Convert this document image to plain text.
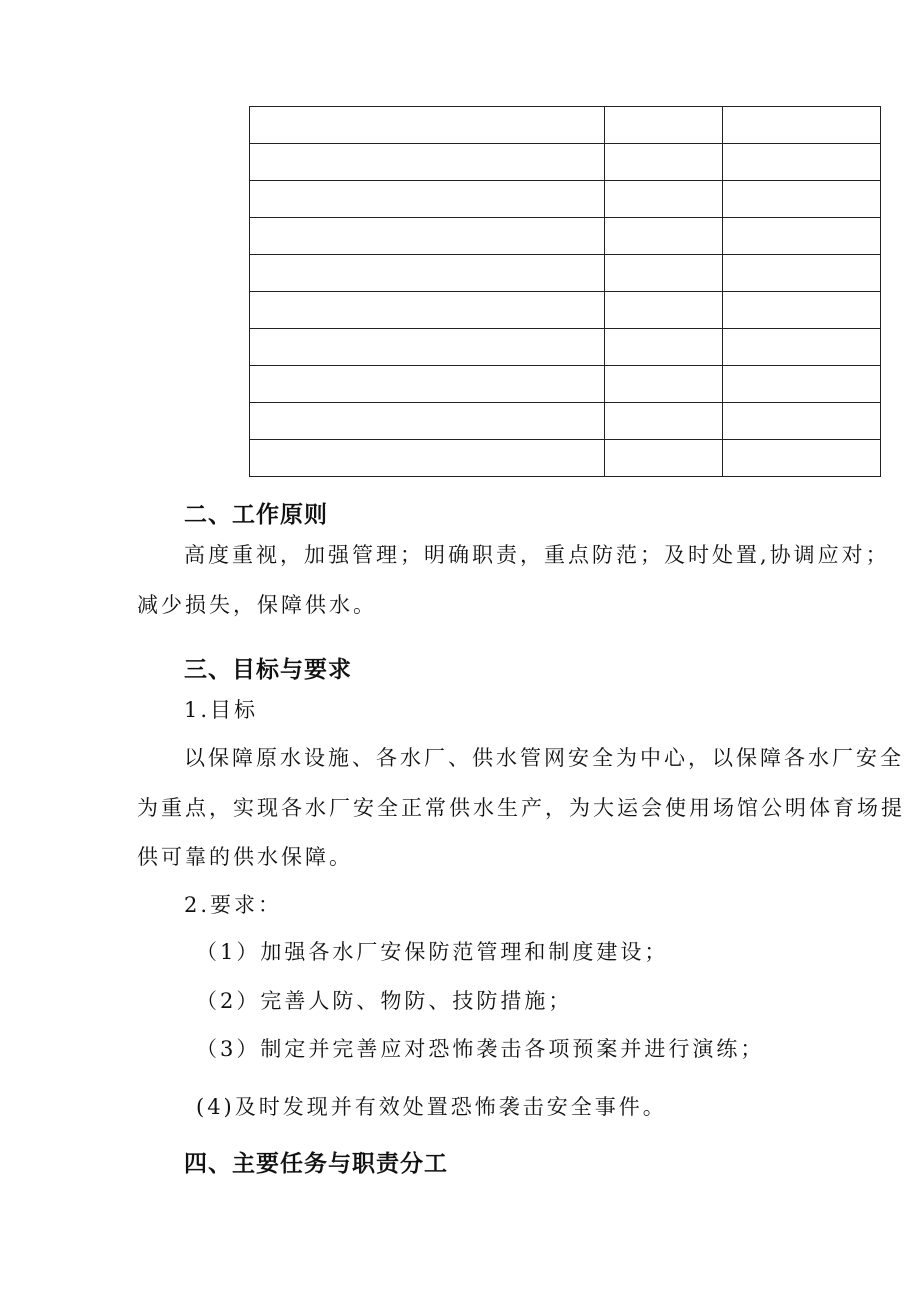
二、工作原则
高度重视，加强管理；明确职责，重点防范；及时处置,协调应对；
减少损失，保障供水。
三、目标与要求
1.目标
以保障原水设施、各水厂、供水管网安全为中心，以保障各水厂安全
为重点，实现各水厂安全正常供水生产，为大运会使用场馆公明体育场提
供可靠的供水保障。
2.要求：
（1）加强各水厂安保防范管理和制度建设；
（2）完善人防、物防、技防措施；
（3）制定并完善应对恐怖袭击各项预案并进行演练；
(4)及时发现并有效处置恐怖袭击安全事件。
四、主要任务与职责分工
